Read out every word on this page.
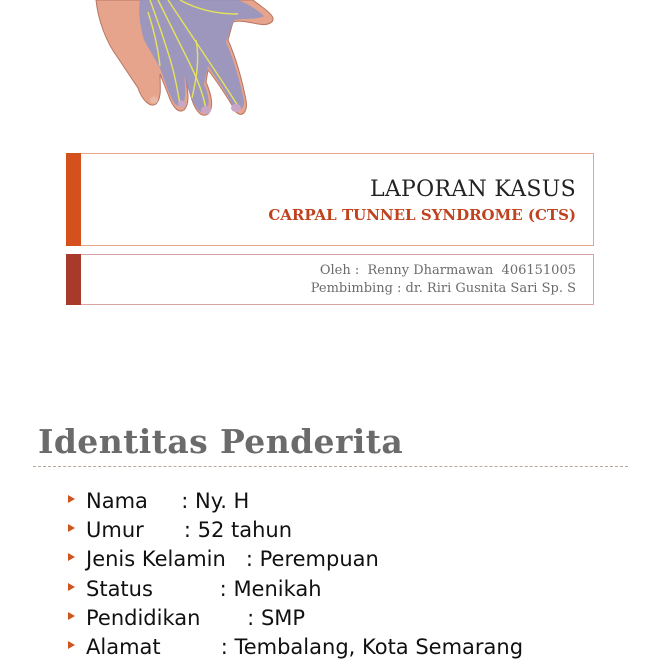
LAPORAN KASUS
CARPAL TUNNEL SYNDROME (CTS)
Oleh :  Renny Dharmawan  406151005
Pembimbing : dr. Riri Gusnita Sari Sp. S
Identitas Penderita
Nama     : Ny. H
Umur      : 52 tahun
Jenis Kelamin   : Perempuan
Status          : Menikah
Pendidikan       : SMP
Alamat         : Tembalang, Kota Semarang
